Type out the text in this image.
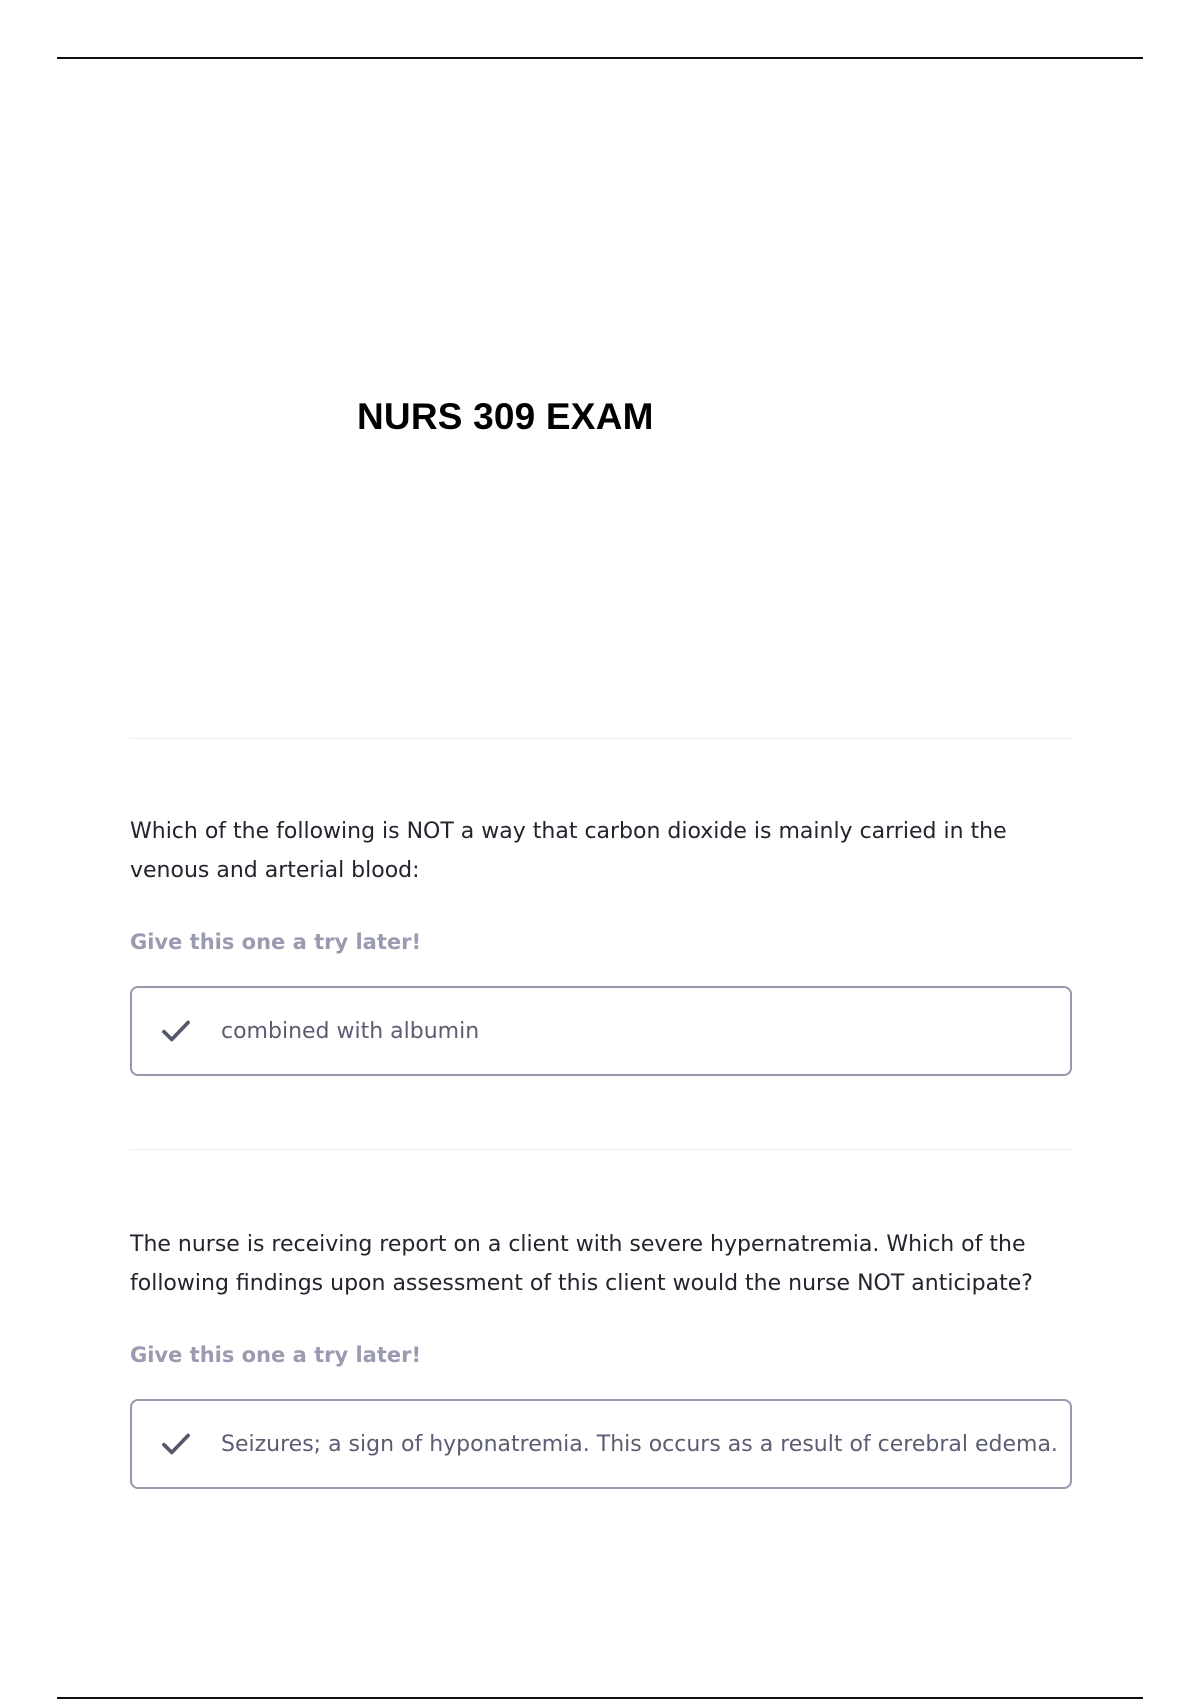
NURS 309 EXAM
Which of the following is NOT a way that carbon dioxide is mainly carried in the venous and arterial blood:
Give this one a try later!
combined with albumin
The nurse is receiving report on a client with severe hypernatremia. Which of the following findings upon assessment of this client would the nurse NOT anticipate?
Give this one a try later!
Seizures; a sign of hyponatremia. This occurs as a result of cerebral edema.
